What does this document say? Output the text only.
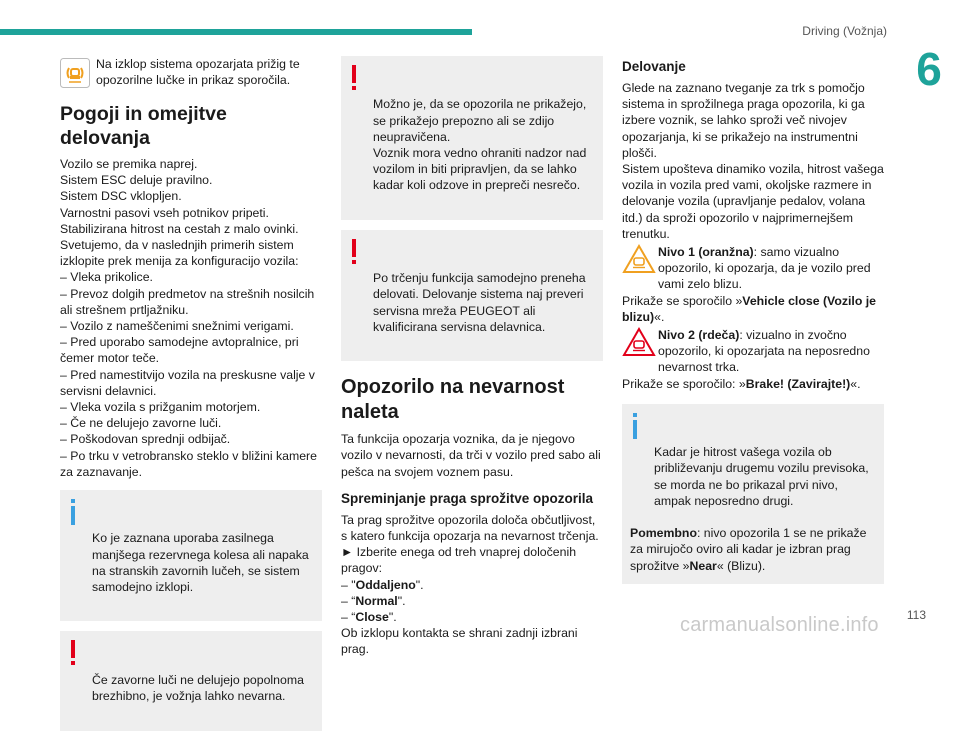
Driving (Vožnja)
6
Na izklop sistema opozarjata prižig te opozorilne lučke in prikaz sporočila.
Pogoji in omejitve delovanja
Vozilo se premika naprej.
Sistem ESC deluje pravilno.
Sistem DSC vklopljen.
Varnostni pasovi vseh potnikov pripeti.
Stabilizirana hitrost na cestah z malo ovinki.
Svetujemo, da v naslednjih primerih sistem izklopite prek menija za konfiguracijo vozila:
– Vleka prikolice.
– Prevoz dolgih predmetov na strešnih nosilcih ali strešnem prtljažniku.
– Vozilo z nameščenimi snežnimi verigami.
– Pred uporabo samodejne avtopralnice, pri čemer motor teče.
– Pred namestitvijo vozila na preskusne valje v servisni delavnici.
– Vleka vozila s prižganim motorjem.
– Če ne delujejo zavorne luči.
– Poškodovan sprednji odbijač.
– Po trku v vetrobransko steklo v bližini kamere za zaznavanje.

Ko je zaznana uporaba zasilnega manjšega rezervnega kolesa ali napaka na stranskih zavornih lučeh, se sistem samodejno izklopi.

Če zavorne luči ne delujejo popolnoma brezhibno, je vožnja lahko nevarna.

Možno je, da se opozorila ne prikažejo, se prikažejo prepozno ali se zdijo neupravičena.
Voznik mora vedno ohraniti nadzor nad vozilom in biti pripravljen, da se lahko kadar koli odzove in prepreči nesrečo.

Po trčenju funkcija samodejno preneha delovati. Delovanje sistema naj preveri servisna mreža PEUGEOT ali kvalificirana servisna delavnica.

Opozorilo na nevarnost naleta
Ta funkcija opozarja voznika, da je njegovo vozilo v nevarnosti, da trči v vozilo pred sabo ali pešca na svojem voznem pasu.
Spreminjanje praga sprožitve opozorila
Ta prag sprožitve opozorila določa občutljivost, s katero funkcija opozarja na nevarnost trčenja.
► Izberite enega od treh vnaprej določenih pragov:
– "Oddaljeno".
– “Normal".
– “Close".
Ob izklopu kontakta se shrani zadnji izbrani prag.
Delovanje
Glede na zaznano tveganje za trk s pomočjo sistema in sprožilnega praga opozorila, ki ga izbere voznik, se lahko sproži več nivojev opozarjanja, ki se prikažejo na instrumentni plošči.
Sistem upošteva dinamiko vozila, hitrost vašega vozila in vozila pred vami, okoljske razmere in delovanje vozila (upravljanje pedalov, volana itd.) da sproži opozorilo v najprimernejšem trenutku.
Nivo 1 (oranžna): samo vizualno opozorilo, ki opozarja, da je vozilo pred vami zelo blizu.
Prikaže se sporočilo »Vehicle close (Vozilo je blizu)«.
Nivo 2 (rdeča): vizualno in zvočno opozorilo, ki opozarjata na neposredno nevarnost trka.
Prikaže se sporočilo: »Brake! (Zavirajte!)«.

Kadar je hitrost vašega vozila ob približevanju drugemu vozilu previsoka, se morda ne bo prikazal prvi nivo, ampak neposredno drugi.

Pomembno: nivo opozorila 1 se ne prikaže za mirujočo oviro ali kadar je izbran prag sprožitve »Near« (Blizu).

113
carmanualsonline.info
